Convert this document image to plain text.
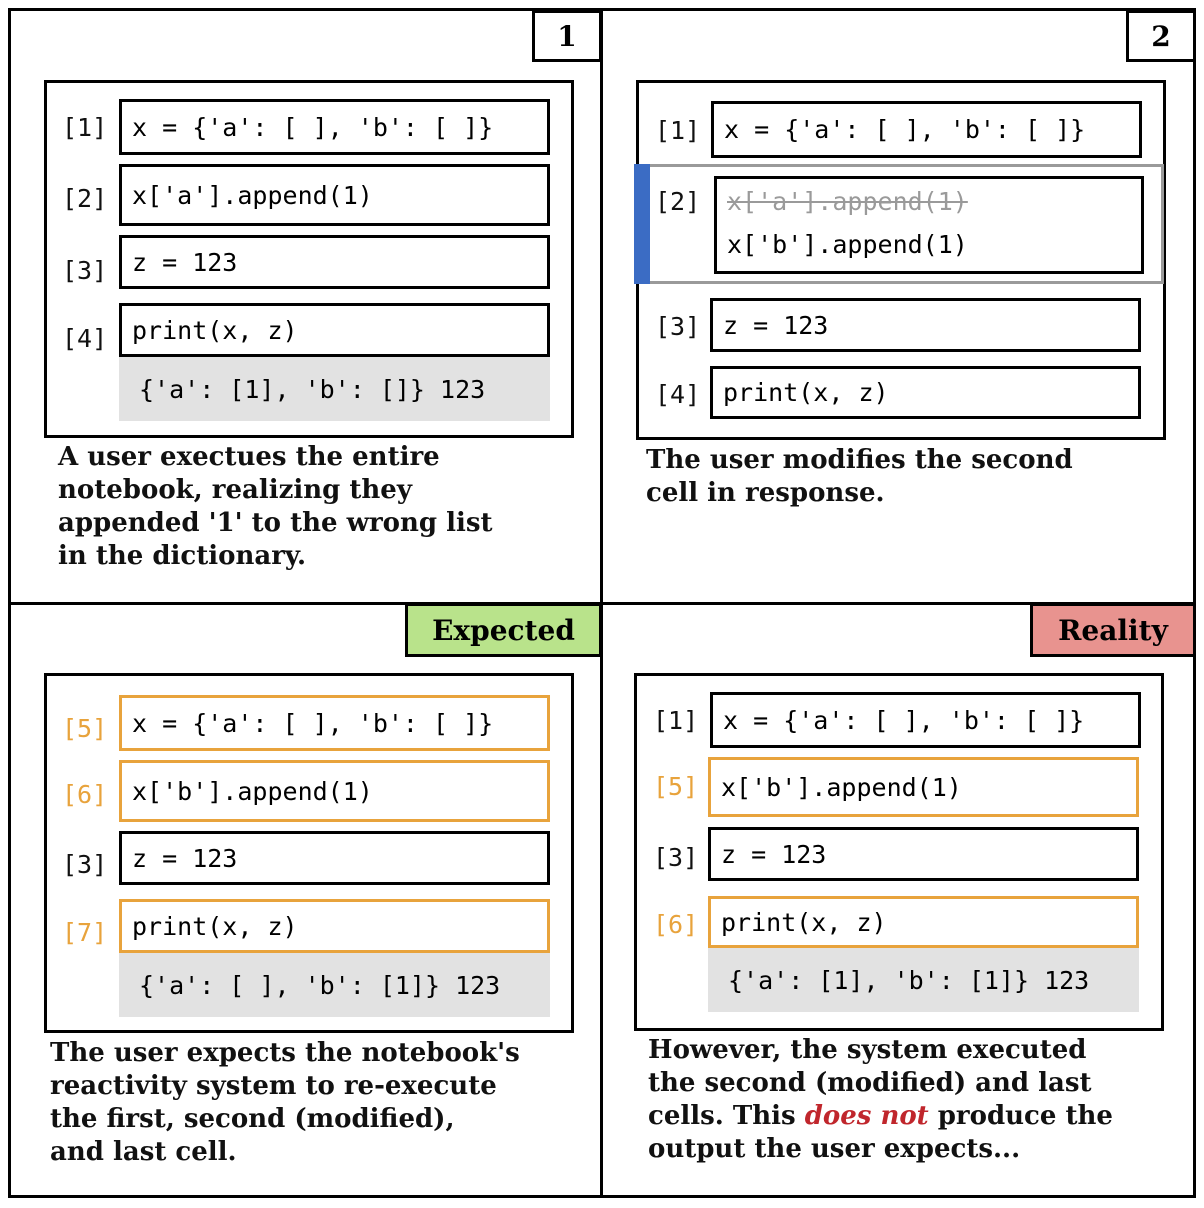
1
[1] x = {'a': [ ], 'b': [ ]}
[2] x['a'].append(1)
[3] z = 123
[4] print(x, z)
{'a': [1], 'b': []} 123
A user exectues the entire
notebook, realizing they
appended '1' to the wrong list
in the dictionary.
2
[1] x = {'a': [ ], 'b': [ ]}
[2] x['a'].append(1)
x['b'].append(1)
[3] z = 123
[4] print(x, z)
The user modifies the second
cell in response.
Expected
[5] x = {'a': [ ], 'b': [ ]}
[6] x['b'].append(1)
[3] z = 123
[7] print(x, z)
{'a': [ ], 'b': [1]} 123
The user expects the notebook's
reactivity system to re-execute
the first, second (modified),
and last cell.
Reality
[1] x = {'a': [ ], 'b': [ ]}
[5] x['b'].append(1)
[3] z = 123
[6] print(x, z)
{'a': [1], 'b': [1]} 123
However, the system executed
the second (modified) and last
cells. This does not produce the
output the user expects...
